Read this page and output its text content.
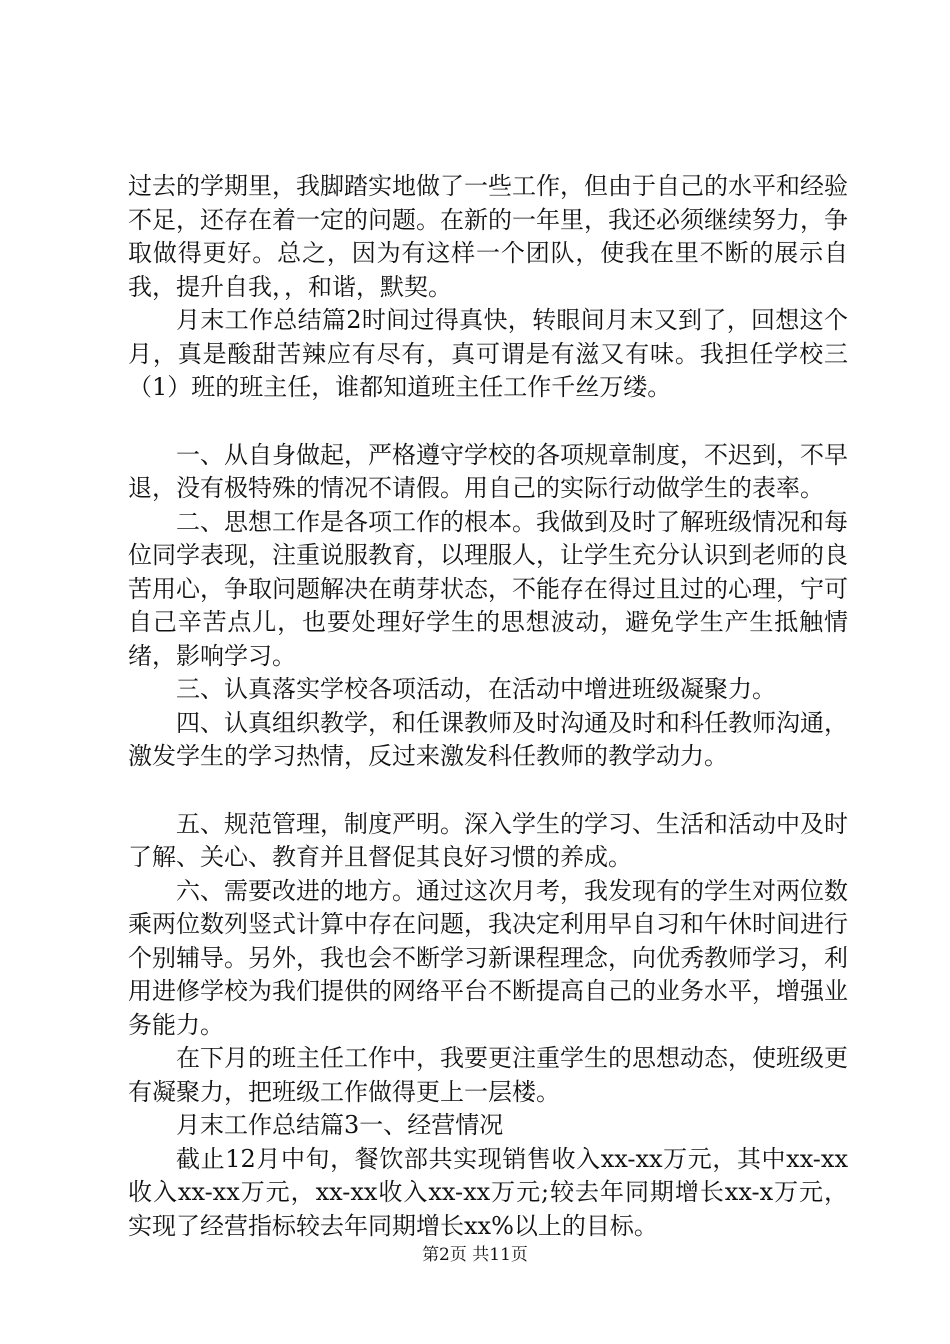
过去的学期里，我脚踏实地做了一些工作，但由于自己的水平和经验不足，还存在着一定的问题。在新的一年里，我还必须继续努力，争取做得更好。总之，因为有这样一个团队，使我在里不断的展示自我，提升自我，，和谐，默契。

月末工作总结篇2时间过得真快，转眼间月末又到了，回想这个月，真是酸甜苦辣应有尽有，真可谓是有滋又有味。我担任学校三（1）班的班主任，谁都知道班主任工作千丝万缕。

一、从自身做起，严格遵守学校的各项规章制度，不迟到，不早退，没有极特殊的情况不请假。用自己的实际行动做学生的表率。

二、思想工作是各项工作的根本。我做到及时了解班级情况和每位同学表现，注重说服教育，以理服人，让学生充分认识到老师的良苦用心，争取问题解决在萌芽状态，不能存在得过且过的心理，宁可自己辛苦点儿，也要处理好学生的思想波动，避免学生产生抵触情绪，影响学习。

三、认真落实学校各项活动，在活动中增进班级凝聚力。

四、认真组织教学，和任课教师及时沟通及时和科任教师沟通，激发学生的学习热情，反过来激发科任教师的教学动力。

五、规范管理，制度严明。深入学生的学习、生活和活动中及时了解、关心、教育并且督促其良好习惯的养成。

六、需要改进的地方。通过这次月考，我发现有的学生对两位数乘两位数列竖式计算中存在问题，我决定利用早自习和午休时间进行个别辅导。另外，我也会不断学习新课程理念，向优秀教师学习，利用进修学校为我们提供的网络平台不断提高自己的业务水平，增强业务能力。

在下月的班主任工作中，我要更注重学生的思想动态，使班级更有凝聚力，把班级工作做得更上一层楼。

月末工作总结篇3一、经营情况

截止12月中旬，餐饮部共实现销售收入xx-xx万元，其中xx-xx收入xx-xx万元，xx-xx收入xx-xx万元;较去年同期增长xx-x万元，实现了经营指标较去年同期增长xx%以上的目标。

第2页 共11页
